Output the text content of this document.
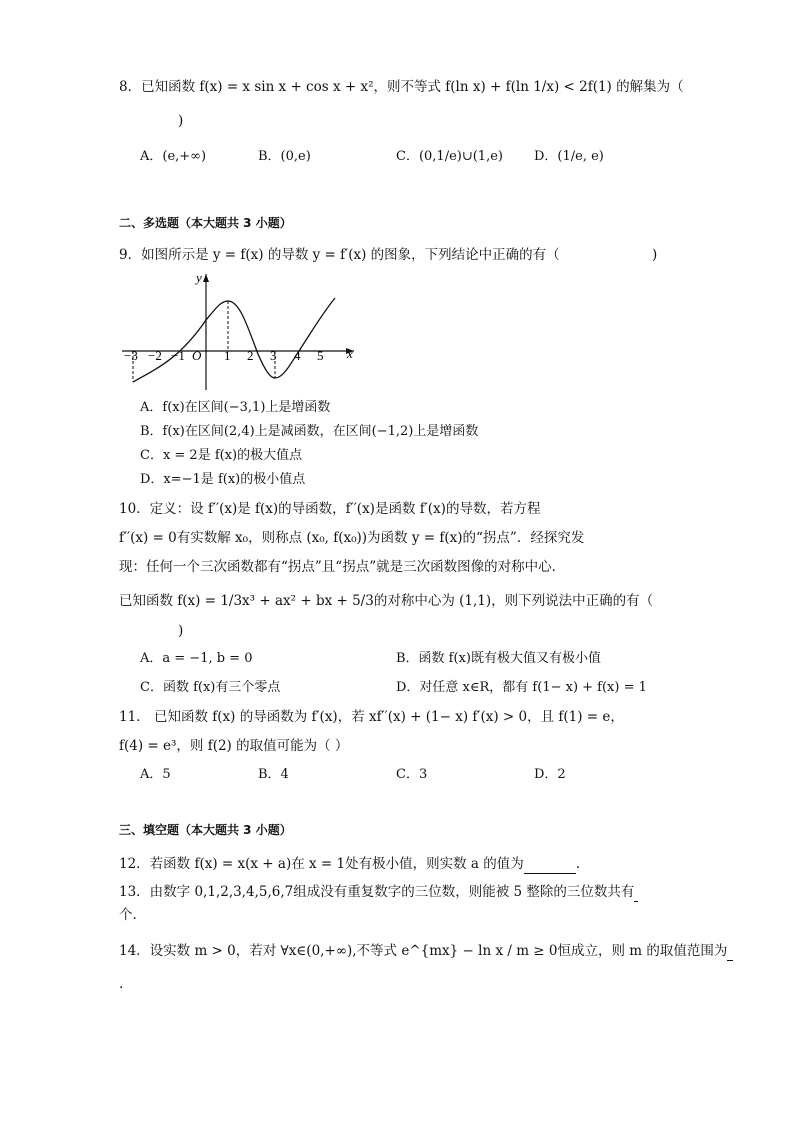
8．已知函数 f(x) = x sin x + cos x + x²，则不等式 f(ln x) + f(ln 1/x) < 2f(1) 的解集为（
)
A．(e,+∞)	B．(0,e)	C．(0,1/e)∪(1,e) D．(1/e, e)
二、多选题（本大题共 3 小题）
9．如图所示是 y = f(x) 的导数 y = f′(x) 的图象，下列结论中正确的有（	)
y
x
O
−3 −2 −1	1 2 3 4 5
A．f(x)在区间(−3,1)上是增函数
B．f(x)在区间(2,4)上是减函数，在区间(−1,2)上是增函数
C．x = 2是 f(x)的极大值点
D．x=−1是 f(x)的极小值点
10．定义：设 f′′(x)是 f(x)的导函数，f′′(x)是函数 f′(x)的导数，若方程
f′′(x) = 0有实数解 x₀，则称点 (x₀, f(x₀))为函数 y = f(x)的“拐点”．经探究发
现：任何一个三次函数都有“拐点”且“拐点”就是三次函数图像的对称中心．
已知函数 f(x) = 1/3x³ + ax² + bx + 5/3的对称中心为 (1,1)，则下列说法中正确的有（
)
A．a = −1, b = 0	B．函数 f(x)既有极大值又有极小值
C．函数 f(x)有三个零点	D．对任意 x∈R，都有 f(1− x) + f(x) = 1
11． 已知函数 f(x) 的导函数为 f′(x)，若 xf′′(x) + (1− x) f′(x) > 0，且 f(1) = e，
f(4) = e³，则 f(2) 的取值可能为（ ）
A．5	B．4	C．3	D．2
三、填空题（本大题共 3 小题）
12．若函数 f(x) = x(x + a)在 x = 1处有极小值，则实数 a 的值为	.
13．由数字 0,1,2,3,4,5,6,7组成没有重复数字的三位数，则能被 5 整除的三位数共有
个.
14．设实数 m > 0，若对 ∀x∈(0,+∞),不等式 e^{mx} − ln x / m ≥ 0恒成立，则 m 的取值范围为
.
